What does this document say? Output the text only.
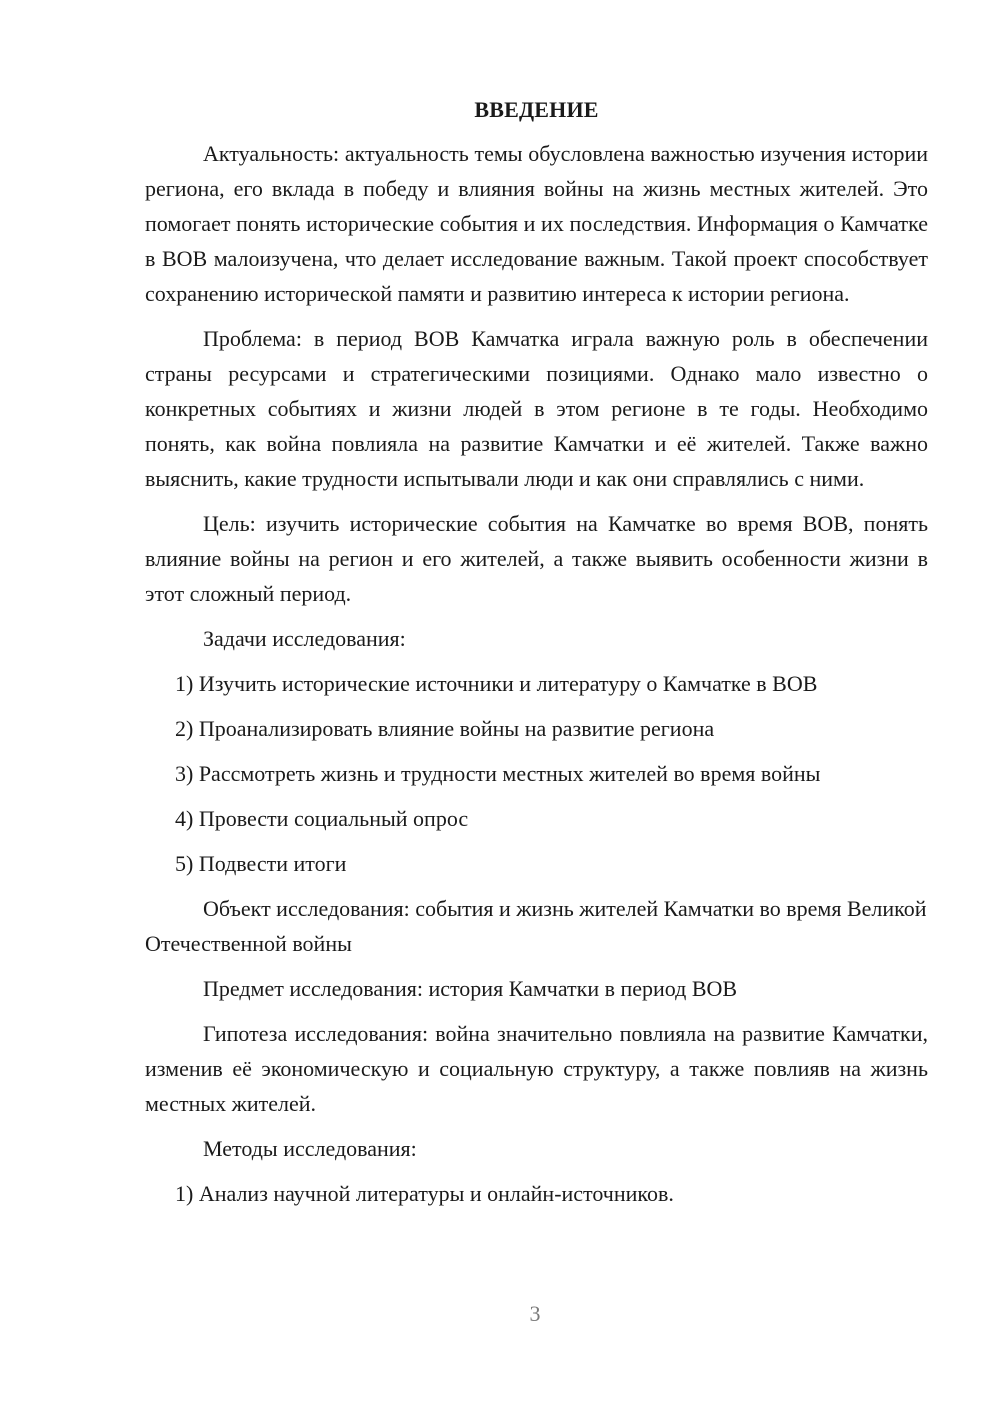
ВВЕДЕНИЕ

Актуальность: актуальность темы обусловлена важностью изучения истории региона, его вклада в победу и влияния войны на жизнь местных жителей. Это помогает понять исторические события и их последствия. Информация о Камчатке в ВОВ малоизучена, что делает исследование важным. Такой проект способствует сохранению исторической памяти и развитию интереса к истории региона.

Проблема: в период ВОВ Камчатка играла важную роль в обеспечении страны ресурсами и стратегическими позициями. Однако мало известно о конкретных событиях и жизни людей в этом регионе в те годы. Необходимо понять, как война повлияла на развитие Камчатки и её жителей. Также важно выяснить, какие трудности испытывали люди и как они справлялись с ними.

Цель: изучить исторические события на Камчатке во время ВОВ, понять влияние войны на регион и его жителей, а также выявить особенности жизни в этот сложный период.

Задачи исследования:
1) Изучить исторические источники и литературу о Камчатке в ВОВ
2) Проанализировать влияние войны на развитие региона
3) Рассмотреть жизнь и трудности местных жителей во время войны
4) Провести социальный опрос
5) Подвести итоги

Объект исследования: события и жизнь жителей Камчатки во время Великой Отечественной войны

Предмет исследования: история Камчатки в период ВОВ

Гипотеза исследования: война значительно повлияла на развитие Камчатки, изменив её экономическую и социальную структуру, а также повлияв на жизнь местных жителей.

Методы исследования:
1) Анализ научной литературы и онлайн-источников.
3
